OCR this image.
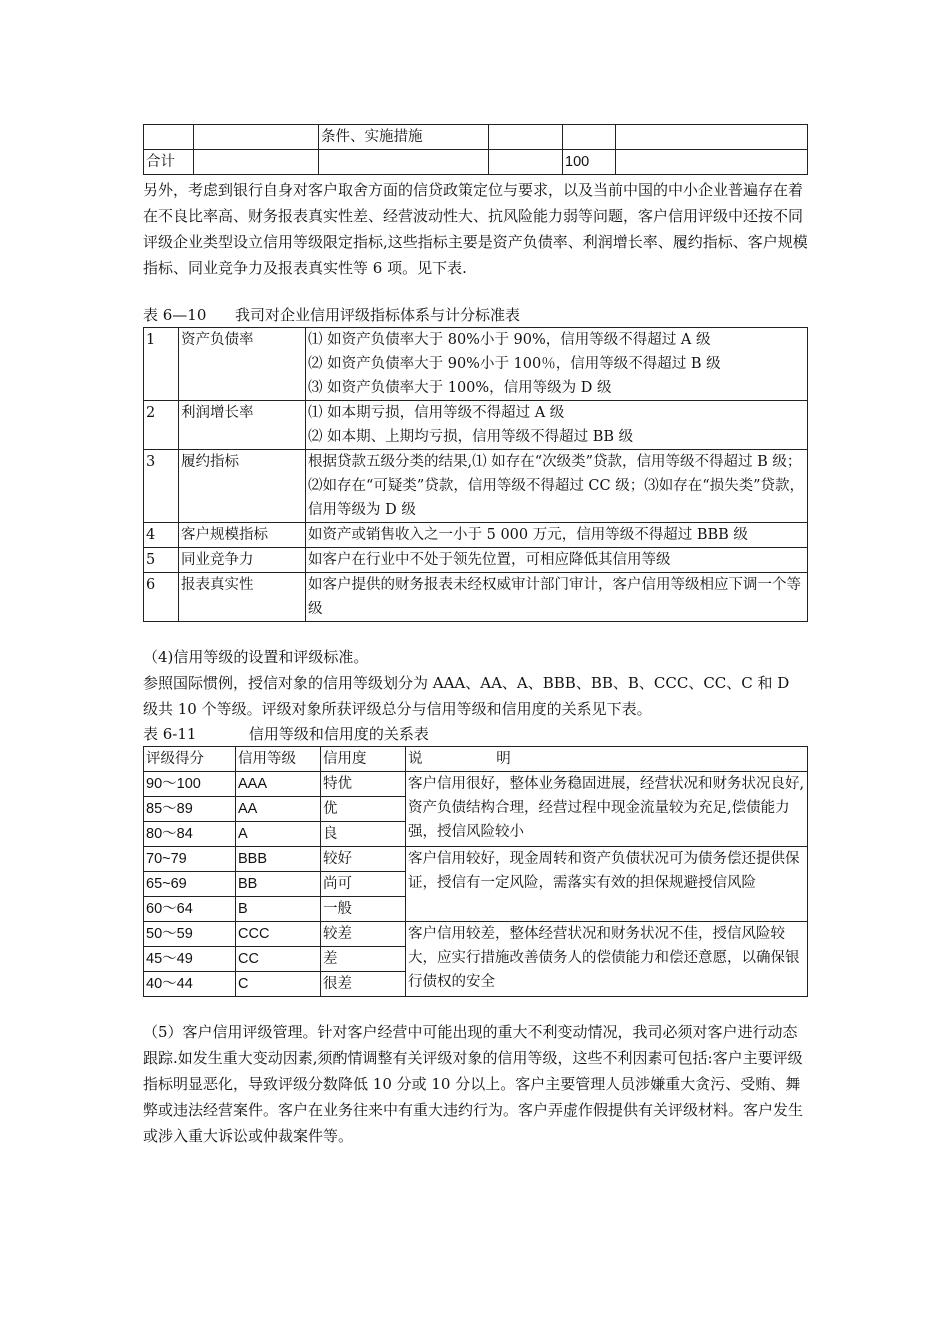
		条件、实施措施			
合计				100	

另外，考虑到银行自身对客户取舍方面的信贷政策定位与要求，以及当前中国的中小企业普遍存在着在不良比率高、财务报表真实性差、经营波动性大、抗风险能力弱等问题，客户信用评级中还按不同评级企业类型设立信用等级限定指标,这些指标主要是资产负债率、利润增长率、履约指标、客户规模指标、同业竞争力及报表真实性等 6 项。见下表.

表 6—10      我司对企业信用评级指标体系与计分标准表

1	资产负债率	⑴ 如资产负债率大于 80%小于 90%，信用等级不得超过 A 级
⑵ 如资产负债率大于 90%小于 100％，信用等级不得超过 B 级
⑶ 如资产负债率大于 100%，信用等级为 D 级

2	利润增长率	⑴ 如本期亏损，信用等级不得超过 A 级
⑵ 如本期、上期均亏损，信用等级不得超过 BB 级

3	履约指标	根据贷款五级分类的结果,⑴ 如存在“次级类”贷款，信用等级不得超过 B 级；⑵如存在“可疑类”贷款，信用等级不得超过 CC 级；⑶如存在“损失类”贷款，信用等级为 D 级

4	客户规模指标	如资产或销售收入之一小于 5 000 万元，信用等级不得超过 BBB 级

5	同业竞争力	如客户在行业中不处于领先位置，可相应降低其信用等级

6	报表真实性	如客户提供的财务报表未经权威审计部门审计，客户信用等级相应下调一个等级

（4)信用等级的设置和评级标准。

参照国际惯例，授信对象的信用等级划分为 AAA、AA、A、BBB、BB、B、CCC、CC、C 和 D 级共 10 个等级。评级对象所获评级总分与信用等级和信用度的关系见下表。

表 6-11           信用等级和信用度的关系表

评级得分	信用等级	信用度	说                明
90～100	AAA	特优	客户信用很好，整体业务稳固进展，经营状况和财务状况良好,资产负债结构合理，经营过程中现金流量较为充足,偿债能力强，授信风险较小
85～89	AA	优	
80～84	A	良	
70~79	BBB	较好	客户信用较好，现金周转和资产负债状况可为债务偿还提供保证，授信有一定风险，需落实有效的担保规避授信风险
65~69	BB	尚可	
60～64	B	一般	
50～59	CCC	较差	客户信用较差，整体经营状况和财务状况不佳，授信风险较大，应实行措施改善债务人的偿债能力和偿还意愿，以确保银行债权的安全
45～49	CC	差	
40～44	C	很差	

（5）客户信用评级管理。针对客户经营中可能出现的重大不利变动情况，我司必须对客户进行动态跟踪.如发生重大变动因素,须酌情调整有关评级对象的信用等级，这些不利因素可包括:客户主要评级指标明显恶化，导致评级分数降低 10 分或 10 分以上。客户主要管理人员涉嫌重大贪污、受贿、舞弊或违法经营案件。客户在业务往来中有重大违约行为。客户弄虚作假提供有关评级材料。客户发生或涉入重大诉讼或仲裁案件等。
